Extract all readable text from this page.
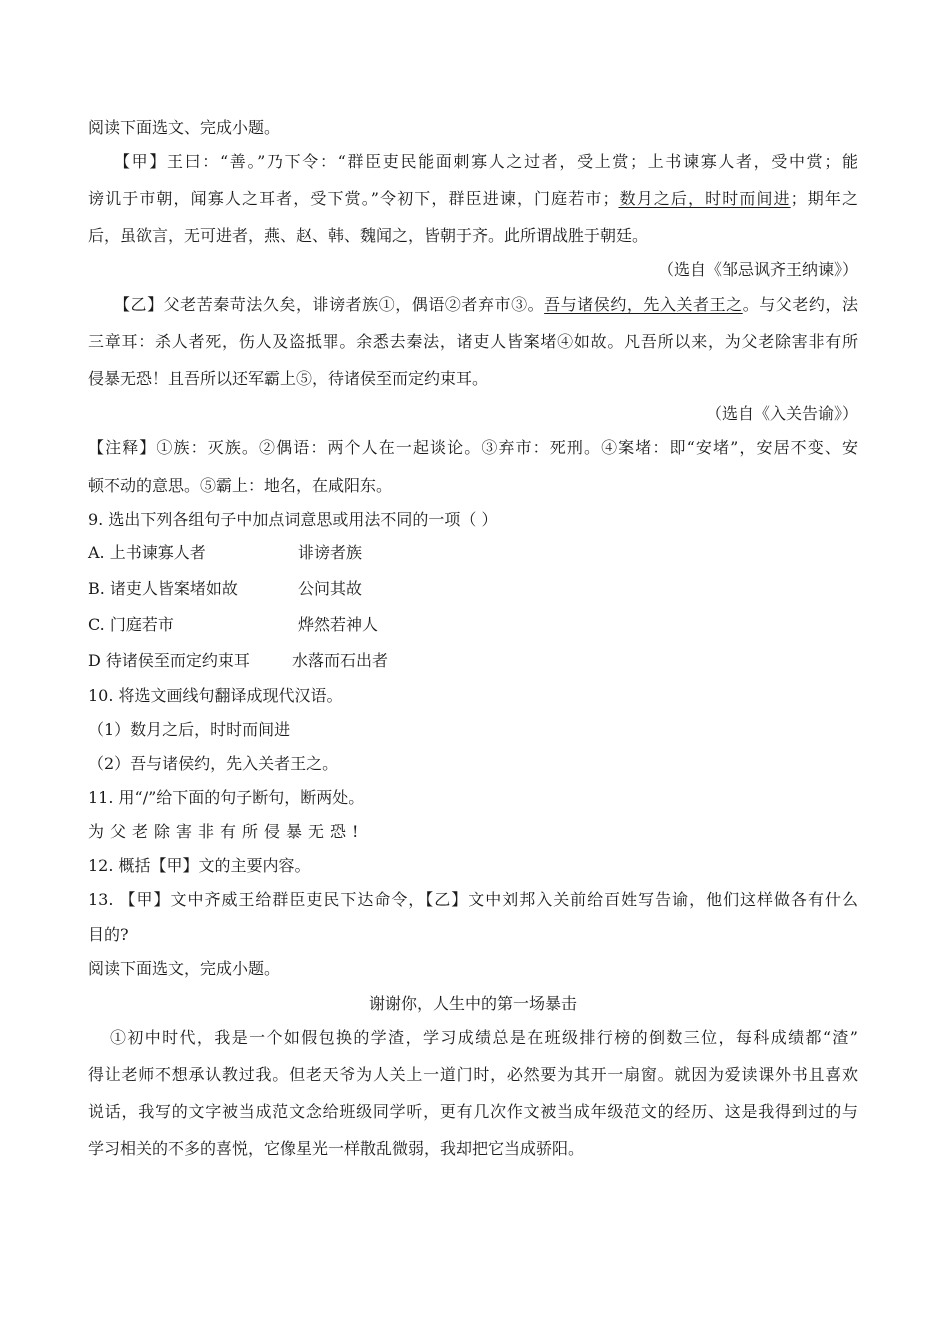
阅读下面选文、完成小题。
【甲】王曰：“善。”乃下令：“群臣吏民能面刺寡人之过者，受上赏；上书谏寡人者，受中赏；能
谤讥于市朝，闻寡人之耳者，受下赏。”令初下，群臣进谏，门庭若市；数月之后，时时而间进；期年之
后，虽欲言，无可进者，燕、赵、韩、魏闻之，皆朝于齐。此所谓战胜于朝廷。
（选自《邹忌讽齐王纳谏》）
【乙】父老苦秦苛法久矣，诽谤者族①，偶语②者弃市③。吾与诸侯约，先入关者王之。与父老约，法
三章耳：杀人者死，伤人及盗抵罪。余悉去秦法，诸吏人皆案堵④如故。凡吾所以来，为父老除害非有所
侵暴无恐！且吾所以还军霸上⑤，待诸侯至而定约束耳。
（选自《入关告谕》）
【注释】①族：灭族。②偶语：两个人在一起谈论。③弃市：死刑。④案堵：即“安堵”，安居不变、安
顿不动的意思。⑤霸上：地名，在咸阳东。
9. 选出下列各组句子中加点词意思或用法不同的一项（ ）
A. 上书谏寡人者	诽谤者族
B. 诸吏人皆案堵如故	公问其故
C. 门庭若市	烨然若神人
D 待诸侯至而定约束耳	水落而石出者
10. 将选文画线句翻译成现代汉语。
（1）数月之后，时时而间进
（2）吾与诸侯约，先入关者王之。
11. 用“/”给下面的句子断句，断两处。
为父老除害非有所侵暴无恐!
12. 概括【甲】文的主要内容。
13. 【甲】文中齐威王给群臣吏民下达命令，【乙】文中刘邦入关前给百姓写告谕，他们这样做各有什么
目的?
阅读下面选文，完成小题。
谢谢你，人生中的第一场暴击
①初中时代，我是一个如假包换的学渣，学习成绩总是在班级排行榜的倒数三位，每科成绩都“渣”
得让老师不想承认教过我。但老天爷为人关上一道门时，必然要为其开一扇窗。就因为爱读课外书且喜欢
说话，我写的文字被当成范文念给班级同学听，更有几次作文被当成年级范文的经历、这是我得到过的与
学习相关的不多的喜悦，它像星光一样散乱微弱，我却把它当成骄阳。
